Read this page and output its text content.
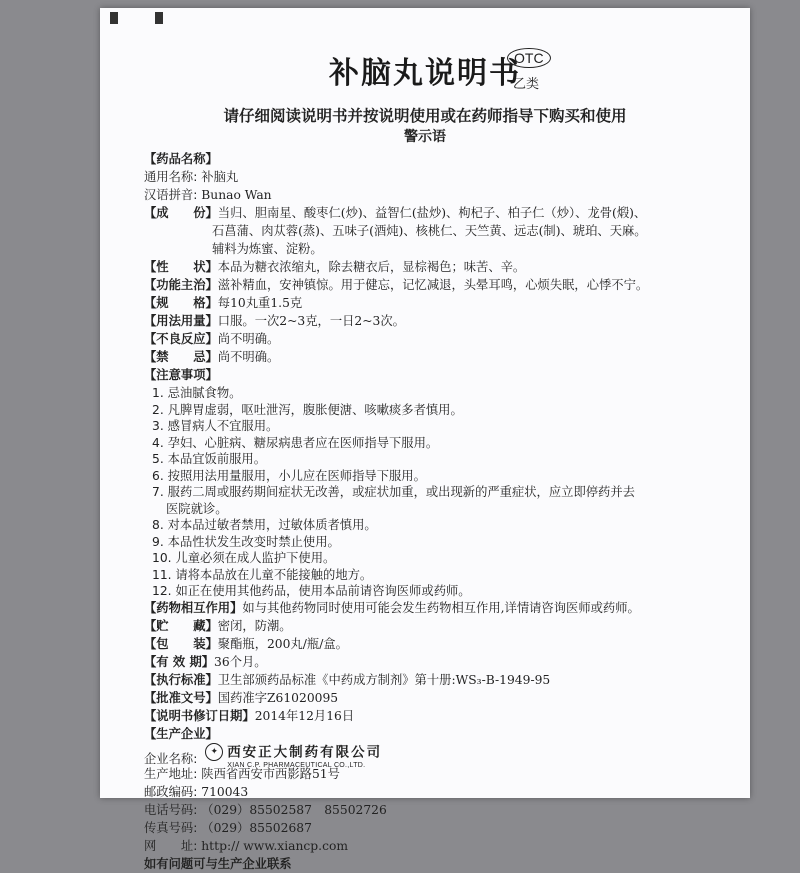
补脑丸说明书
OTC
乙类
请仔细阅读说明书并按说明使用或在药师指导下购买和使用
警示语
【药品名称】
通用名称: 补脑丸
汉语拼音: Bunao Wan
【成　　份】当归、胆南星、酸枣仁(炒)、益智仁(盐炒)、枸杞子、柏子仁（炒）、龙骨(煅)、
石菖蒲、肉苁蓉(蒸)、五味子(酒炖)、核桃仁、天竺黄、远志(制)、琥珀、天麻。
辅料为炼蜜、淀粉。
【性　　状】本品为糖衣浓缩丸，除去糖衣后，显棕褐色；味苦、辛。
【功能主治】滋补精血，安神镇惊。用于健忘，记忆减退，头晕耳鸣，心烦失眠，心悸不宁。
【规　　格】每10丸重1.5克
【用法用量】口服。一次2~3克，一日2~3次。
【不良反应】尚不明确。
【禁　　忌】尚不明确。
【注意事项】
1. 忌油腻食物。
2. 凡脾胃虚弱，呕吐泄泻，腹胀便溏、咳嗽痰多者慎用。
3. 感冒病人不宜服用。
4. 孕妇、心脏病、糖尿病患者应在医师指导下服用。
5. 本品宜饭前服用。
6. 按照用法用量服用，小儿应在医师指导下服用。
7. 服药二周或服药期间症状无改善，或症状加重，或出现新的严重症状，应立即停药并去
医院就诊。
8. 对本品过敏者禁用，过敏体质者慎用。
9. 本品性状发生改变时禁止使用。
10. 儿童必须在成人监护下使用。
11. 请将本品放在儿童不能接触的地方。
12. 如正在使用其他药品，使用本品前请咨询医师或药师。
【药物相互作用】如与其他药物同时使用可能会发生药物相互作用,详情请咨询医师或药师。
【贮　　藏】密闭，防潮。
【包　　装】聚酯瓶，200丸/瓶/盒。
【有 效 期】36个月。
【执行标准】卫生部颁药品标准《中药成方制剂》第十册:WS₃-B-1949-95
【批准文号】国药准字Z61020095
【说明书修订日期】2014年12月16日
【生产企业】
企业名称: ✦ 西安正大制药有限公司
XIAN C.P. PHARMACEUTICAL CO.,LTD.
生产地址: 陕西省西安市西影路51号
邮政编码: 710043
电话号码: （029）85502587　85502726
传真号码: （029）85502687
网　　址: http:// www.xiancp.com
如有问题可与生产企业联系
